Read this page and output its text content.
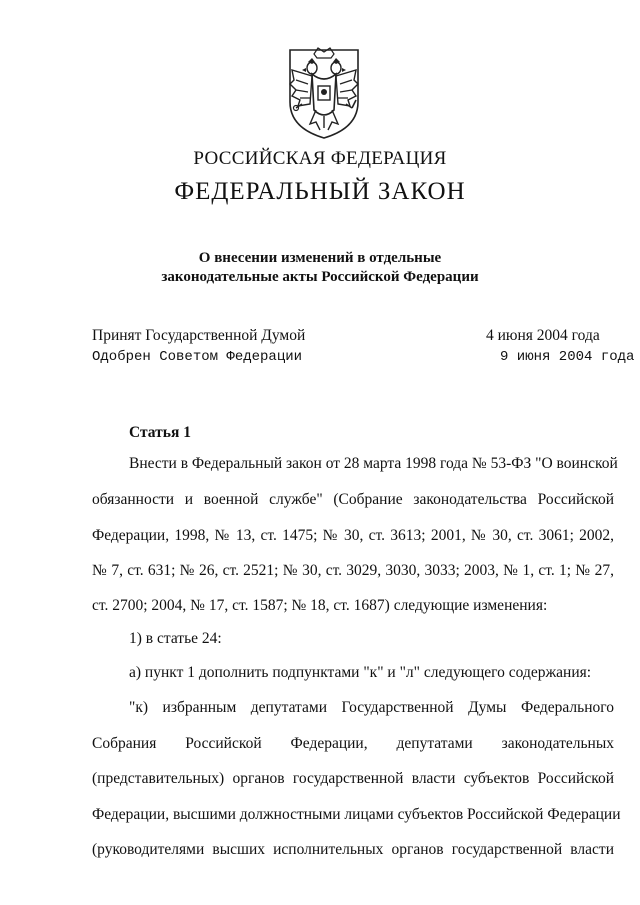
РОССИЙСКАЯ ФЕДЕРАЦИЯ
ФЕДЕРАЛЬНЫЙ ЗАКОН
О внесении изменений в отдельные
законодательные акты Российской Федерации
Принят Государственной Думой	4 июня 2004 года
Одобрен Советом Федерации	9 июня 2004 года
Статья 1
Внести в Федеральный закон от 28 марта 1998 года № 53-ФЗ "О воинской
обязанности и военной службе" (Собрание законодательства Российской
Федерации, 1998, № 13, ст. 1475; № 30, ст. 3613; 2001, № 30, ст. 3061; 2002,
№ 7, ст. 631; № 26, ст. 2521; № 30, ст. 3029, 3030, 3033; 2003, № 1, ст. 1; № 27,
ст. 2700; 2004, № 17, ст. 1587; № 18, ст. 1687) следующие изменения:
1) в статье 24:
а) пункт 1 дополнить подпунктами "к" и "л" следующего содержания:
"к) избранным депутатами Государственной Думы Федерального
Собрания Российской Федерации, депутатами законодательных
(представительных) органов государственной власти субъектов Российской
Федерации, высшими должностными лицами субъектов Российской Федерации
(руководителями высших исполнительных органов государственной власти
